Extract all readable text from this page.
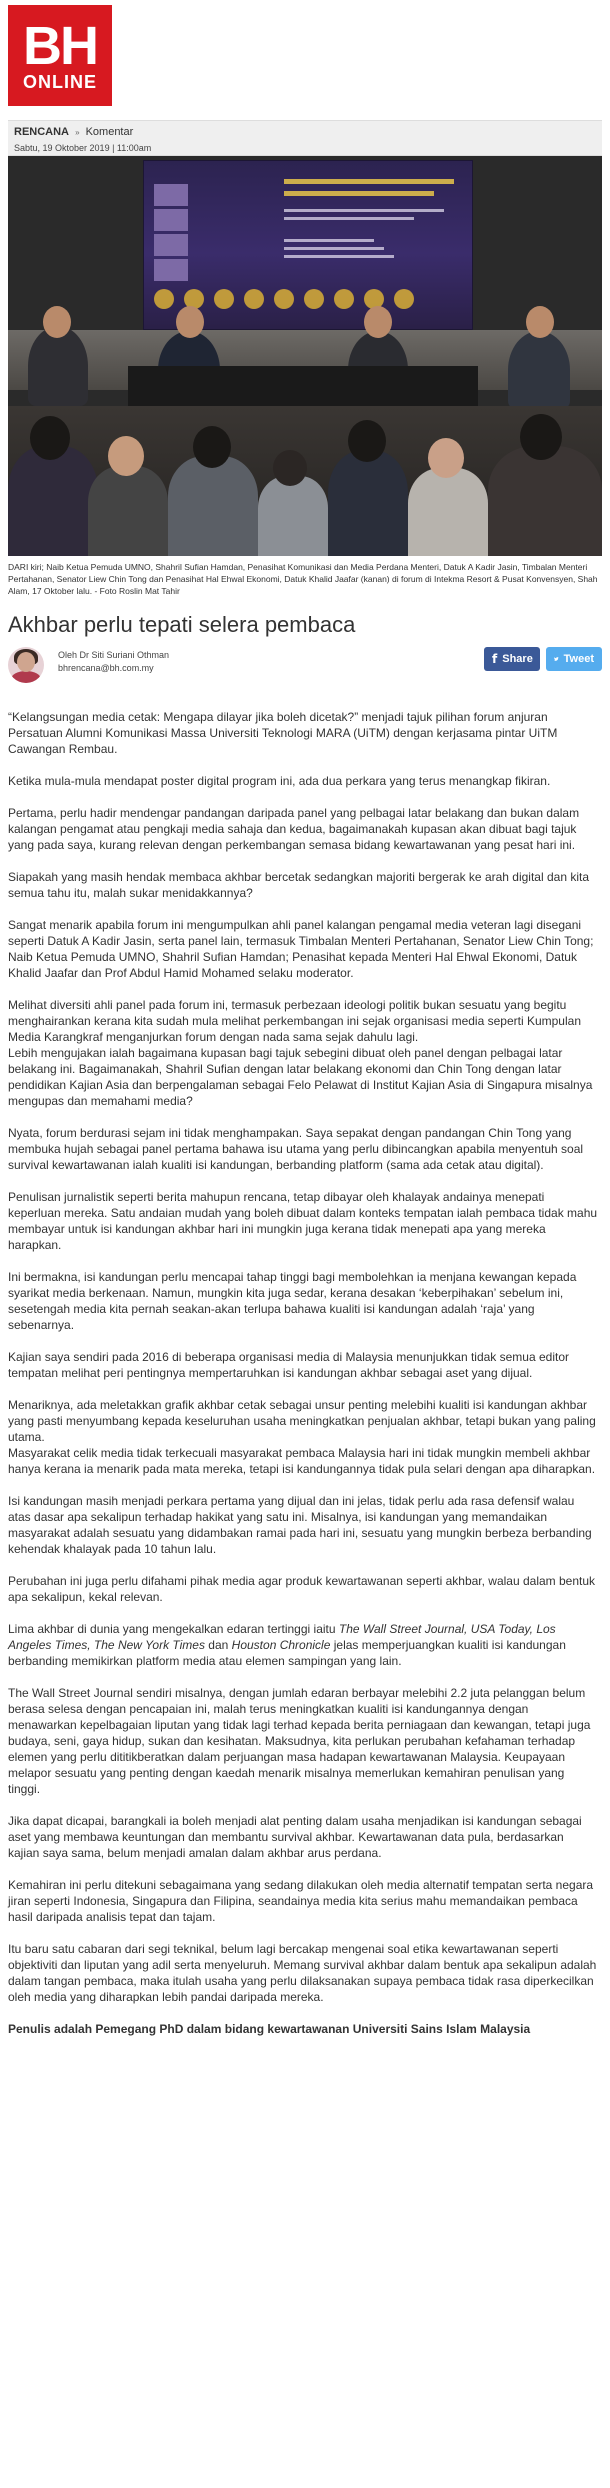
BH
ONLINE
RENCANA » Komentar
Sabtu, 19 Oktober 2019 | 11:00am
DARI kiri; Naib Ketua Pemuda UMNO, Shahril Sufian Hamdan, Penasihat Komunikasi dan Media Perdana Menteri, Datuk A Kadir Jasin, Timbalan Menteri Pertahanan, Senator Liew Chin Tong dan Penasihat Hal Ehwal Ekonomi, Datuk Khalid Jaafar (kanan) di forum di Intekma Resort & Pusat Konvensyen, Shah Alam, 17 Oktober lalu. - Foto Roslin Mat Tahir
Akhbar perlu tepati selera pembaca
Oleh Dr Siti Suriani Othman
bhrencana@bh.com.my
f Share	Tweet

“Kelangsungan media cetak: Mengapa dilayar jika boleh dicetak?” menjadi tajuk pilihan forum anjuran Persatuan Alumni Komunikasi Massa Universiti Teknologi MARA (UiTM) dengan kerjasama pintar UiTM Cawangan Rembau.

Ketika mula-mula mendapat poster digital program ini, ada dua perkara yang terus menangkap fikiran.

Pertama, perlu hadir mendengar pandangan daripada panel yang pelbagai latar belakang dan bukan dalam kalangan pengamat atau pengkaji media sahaja dan kedua, bagaimanakah kupasan akan dibuat bagi tajuk yang pada saya, kurang relevan dengan perkembangan semasa bidang kewartawanan yang pesat hari ini.

Siapakah yang masih hendak membaca akhbar bercetak sedangkan majoriti bergerak ke arah digital dan kita semua tahu itu, malah sukar menidakkannya?

Sangat menarik apabila forum ini mengumpulkan ahli panel kalangan pengamal media veteran lagi disegani seperti Datuk A Kadir Jasin, serta panel lain, termasuk Timbalan Menteri Pertahanan, Senator Liew Chin Tong; Naib Ketua Pemuda UMNO, Shahril Sufian Hamdan; Penasihat kepada Menteri Hal Ehwal Ekonomi, Datuk Khalid Jaafar dan Prof Abdul Hamid Mohamed selaku moderator.

Melihat diversiti ahli panel pada forum ini, termasuk perbezaan ideologi politik bukan sesuatu yang begitu menghairankan kerana kita sudah mula melihat perkembangan ini sejak organisasi media seperti Kumpulan Media Karangkraf menganjurkan forum dengan nada sama sejak dahulu lagi.

Lebih mengujakan ialah bagaimana kupasan bagi tajuk sebegini dibuat oleh panel dengan pelbagai latar belakang ini. Bagaimanakah, Shahril Sufian dengan latar belakang ekonomi dan Chin Tong dengan latar pendidikan Kajian Asia dan berpengalaman sebagai Felo Pelawat di Institut Kajian Asia di Singapura misalnya mengupas dan memahami media?

Nyata, forum berdurasi sejam ini tidak menghampakan. Saya sepakat dengan pandangan Chin Tong yang membuka hujah sebagai panel pertama bahawa isu utama yang perlu dibincangkan apabila menyentuh soal survival kewartawanan ialah kualiti isi kandungan, berbanding platform (sama ada cetak atau digital).

Penulisan jurnalistik seperti berita mahupun rencana, tetap dibayar oleh khalayak andainya menepati keperluan mereka. Satu andaian mudah yang boleh dibuat dalam konteks tempatan ialah pembaca tidak mahu membayar untuk isi kandungan akhbar hari ini mungkin juga kerana tidak menepati apa yang mereka harapkan.

Ini bermakna, isi kandungan perlu mencapai tahap tinggi bagi membolehkan ia menjana kewangan kepada syarikat media berkenaan. Namun, mungkin kita juga sedar, kerana desakan ‘keberpihakan’ sebelum ini, sesetengah media kita pernah seakan-akan terlupa bahawa kualiti isi kandungan adalah ‘raja’ yang sebenarnya.

Kajian saya sendiri pada 2016 di beberapa organisasi media di Malaysia menunjukkan tidak semua editor tempatan melihat peri pentingnya mempertaruhkan isi kandungan akhbar sebagai aset yang dijual.

Menariknya, ada meletakkan grafik akhbar cetak sebagai unsur penting melebihi kualiti isi kandungan akhbar yang pasti menyumbang kepada keseluruhan usaha meningkatkan penjualan akhbar, tetapi bukan yang paling utama.

Masyarakat celik media tidak terkecuali masyarakat pembaca Malaysia hari ini tidak mungkin membeli akhbar hanya kerana ia menarik pada mata mereka, tetapi isi kandungannya tidak pula selari dengan apa diharapkan.

Isi kandungan masih menjadi perkara pertama yang dijual dan ini jelas, tidak perlu ada rasa defensif walau atas dasar apa sekalipun terhadap hakikat yang satu ini. Misalnya, isi kandungan yang memandaikan masyarakat adalah sesuatu yang didambakan ramai pada hari ini, sesuatu yang mungkin berbeza berbanding kehendak khalayak pada 10 tahun lalu.

Perubahan ini juga perlu difahami pihak media agar produk kewartawanan seperti akhbar, walau dalam bentuk apa sekalipun, kekal relevan.

Lima akhbar di dunia yang mengekalkan edaran tertinggi iaitu The Wall Street Journal, USA Today, Los Angeles Times, The New York Times dan Houston Chronicle jelas memperjuangkan kualiti isi kandungan berbanding memikirkan platform media atau elemen sampingan yang lain.

The Wall Street Journal sendiri misalnya, dengan jumlah edaran berbayar melebihi 2.2 juta pelanggan belum berasa selesa dengan pencapaian ini, malah terus meningkatkan kualiti isi kandungannya dengan menawarkan kepelbagaian liputan yang tidak lagi terhad kepada berita perniagaan dan kewangan, tetapi juga budaya, seni, gaya hidup, sukan dan kesihatan. Maksudnya, kita perlukan perubahan kefahaman terhadap elemen yang perlu dititikberatkan dalam perjuangan masa hadapan kewartawanan Malaysia. Keupayaan melapor sesuatu yang penting dengan kaedah menarik misalnya memerlukan kemahiran penulisan yang tinggi.

Jika dapat dicapai, barangkali ia boleh menjadi alat penting dalam usaha menjadikan isi kandungan sebagai aset yang membawa keuntungan dan membantu survival akhbar. Kewartawanan data pula, berdasarkan kajian saya sama, belum menjadi amalan dalam akhbar arus perdana.

Kemahiran ini perlu ditekuni sebagaimana yang sedang dilakukan oleh media alternatif tempatan serta negara jiran seperti Indonesia, Singapura dan Filipina, seandainya media kita serius mahu memandaikan pembaca hasil daripada analisis tepat dan tajam.

Itu baru satu cabaran dari segi teknikal, belum lagi bercakap mengenai soal etika kewartawanan seperti objektiviti dan liputan yang adil serta menyeluruh. Memang survival akhbar dalam bentuk apa sekalipun adalah dalam tangan pembaca, maka itulah usaha yang perlu dilaksanakan supaya pembaca tidak rasa diperkecilkan oleh media yang diharapkan lebih pandai daripada mereka.

Penulis adalah Pemegang PhD dalam bidang kewartawanan Universiti Sains Islam Malaysia
